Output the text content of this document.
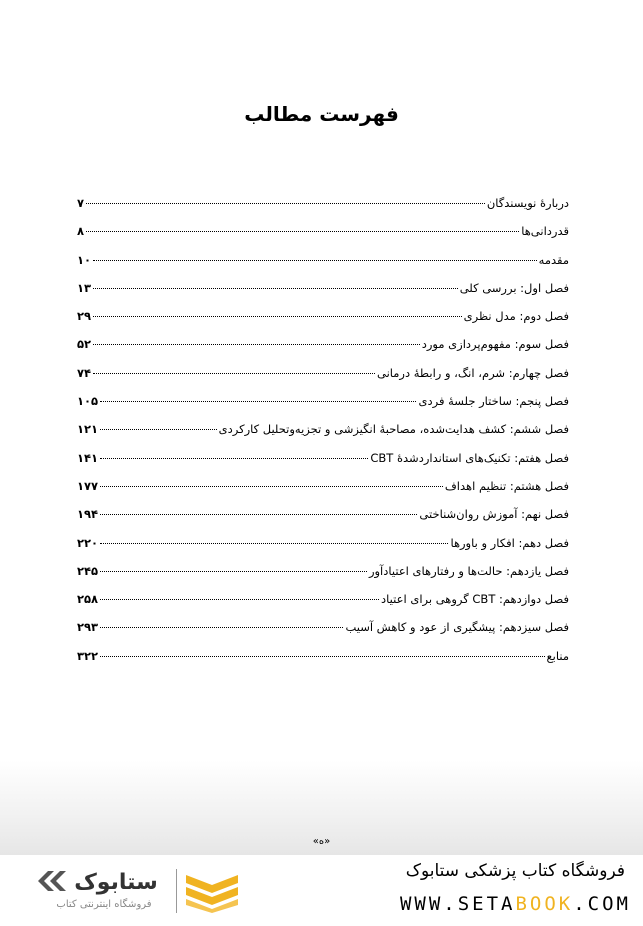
فهرست مطالب
دربارۀ نویسندگان
۷
قدردانی‌ها
۸
مقدمه
۱۰
فصل اول: بررسی کلی
۱۳
فصل دوم: مدل نظری
۲۹
فصل سوم: مفهوم‌پردازی مورد
۵۲
فصل چهارم: شرم، انگ، و رابطۀ درمانی
۷۴
فصل پنجم: ساختار جلسۀ فردی
۱۰۵
فصل ششم: کشف هدایت‌شده، مصاحبۀ انگیزشی و تجزیه‌وتحلیل کارکردی
۱۲۱
فصل هفتم: تکنیک‌های استانداردشدۀ CBT
۱۴۱
فصل هشتم: تنظیم اهداف
۱۷۷
فصل نهم: آموزش روان‌شناختی
۱۹۴
فصل دهم: افکار و باورها
۲۲۰
فصل یازدهم: حالت‌ها و رفتارهای اعتیادآور
۲۴۵
فصل دوازدهم: CBT گروهی برای اعتیاد
۲۵۸
فصل سیزدهم: پیشگیری از عود و کاهش آسیب
۲۹۳
منابع
۳۲۲
«ه»
فروشگاه کتاب پزشکی ستابوک
WWW.SETABOOK.COM
ستابوک
فروشگاه اینترنتی کتاب
